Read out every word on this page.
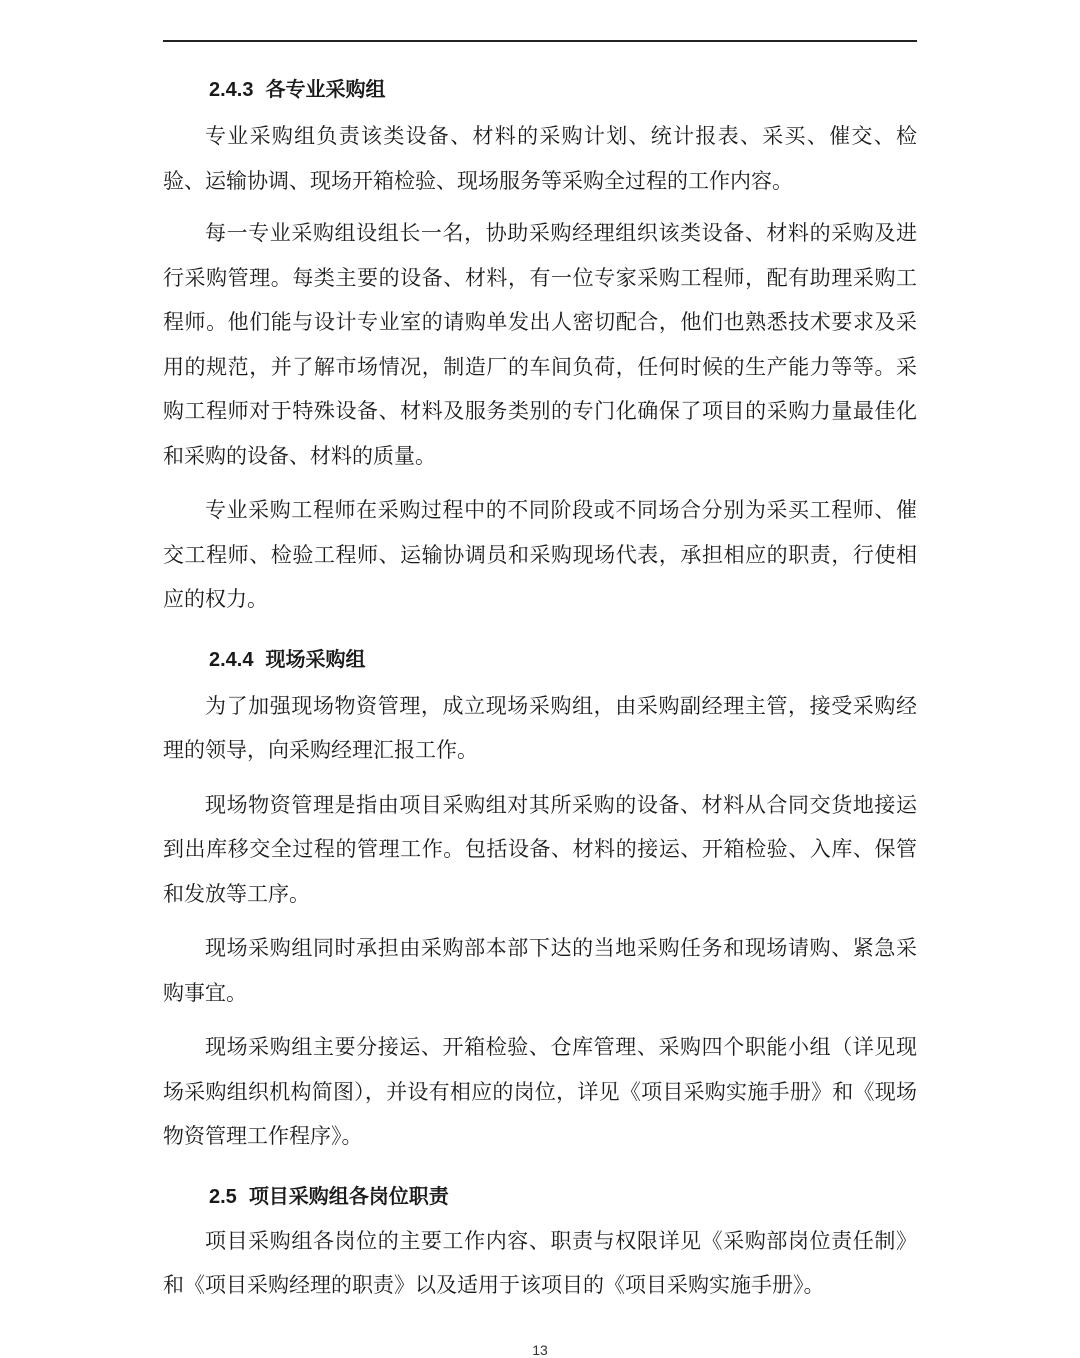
2.4.3 各专业采购组

专业采购组负责该类设备、材料的采购计划、统计报表、采买、催交、检验、运输协调、现场开箱检验、现场服务等采购全过程的工作内容。

每一专业采购组设组长一名，协助采购经理组织该类设备、材料的采购及进行采购管理。每类主要的设备、材料，有一位专家采购工程师，配有助理采购工程师。他们能与设计专业室的请购单发出人密切配合，他们也熟悉技术要求及采用的规范，并了解市场情况，制造厂的车间负荷，任何时候的生产能力等等。采购工程师对于特殊设备、材料及服务类别的专门化确保了项目的采购力量最佳化和采购的设备、材料的质量。

专业采购工程师在采购过程中的不同阶段或不同场合分别为采买工程师、催交工程师、检验工程师、运输协调员和采购现场代表，承担相应的职责，行使相应的权力。

2.4.4 现场采购组

为了加强现场物资管理，成立现场采购组，由采购副经理主管，接受采购经理的领导，向采购经理汇报工作。

现场物资管理是指由项目采购组对其所采购的设备、材料从合同交货地接运到出库移交全过程的管理工作。包括设备、材料的接运、开箱检验、入库、保管和发放等工序。

现场采购组同时承担由采购部本部下达的当地采购任务和现场请购、紧急采购事宜。

现场采购组主要分接运、开箱检验、仓库管理、采购四个职能小组（详见现场采购组织机构简图），并设有相应的岗位，详见《项目采购实施手册》和《现场物资管理工作程序》。

2.5 项目采购组各岗位职责

项目采购组各岗位的主要工作内容、职责与权限详见《采购部岗位责任制》和《项目采购经理的职责》以及适用于该项目的《项目采购实施手册》。

13
